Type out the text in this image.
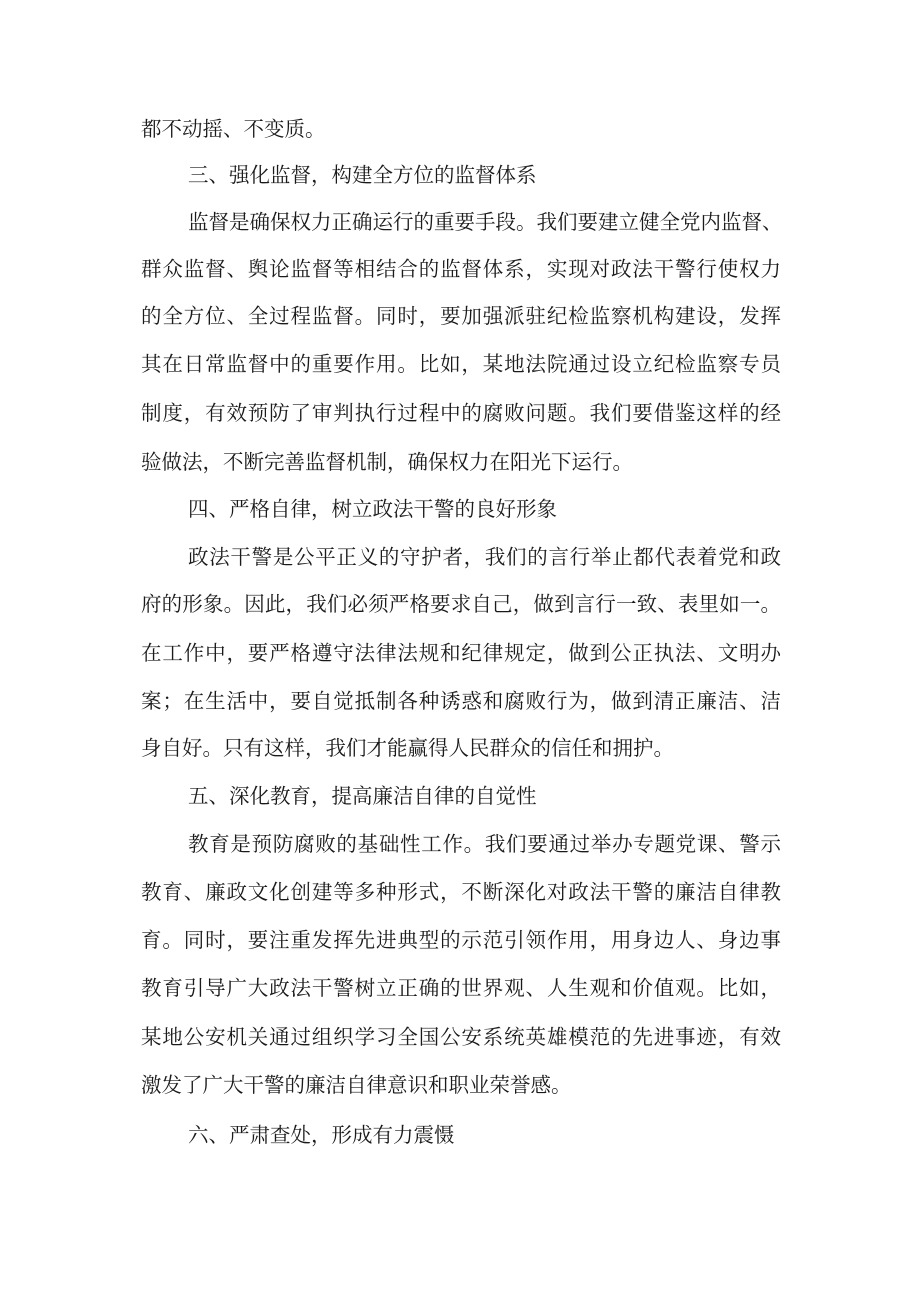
都不动摇、不变质。

三、强化监督，构建全方位的监督体系

监督是确保权力正确运行的重要手段。我们要建立健全党内监督、

群众监督、舆论监督等相结合的监督体系，实现对政法干警行使权力

的全方位、全过程监督。同时，要加强派驻纪检监察机构建设，发挥

其在日常监督中的重要作用。比如，某地法院通过设立纪检监察专员

制度，有效预防了审判执行过程中的腐败问题。我们要借鉴这样的经

验做法，不断完善监督机制，确保权力在阳光下运行。

四、严格自律，树立政法干警的良好形象

政法干警是公平正义的守护者，我们的言行举止都代表着党和政

府的形象。因此，我们必须严格要求自己，做到言行一致、表里如一。

在工作中，要严格遵守法律法规和纪律规定，做到公正执法、文明办

案；在生活中，要自觉抵制各种诱惑和腐败行为，做到清正廉洁、洁

身自好。只有这样，我们才能赢得人民群众的信任和拥护。

五、深化教育，提高廉洁自律的自觉性

教育是预防腐败的基础性工作。我们要通过举办专题党课、警示

教育、廉政文化创建等多种形式，不断深化对政法干警的廉洁自律教

育。同时，要注重发挥先进典型的示范引领作用，用身边人、身边事

教育引导广大政法干警树立正确的世界观、人生观和价值观。比如，

某地公安机关通过组织学习全国公安系统英雄模范的先进事迹，有效

激发了广大干警的廉洁自律意识和职业荣誉感。

六、严肃查处，形成有力震慑
